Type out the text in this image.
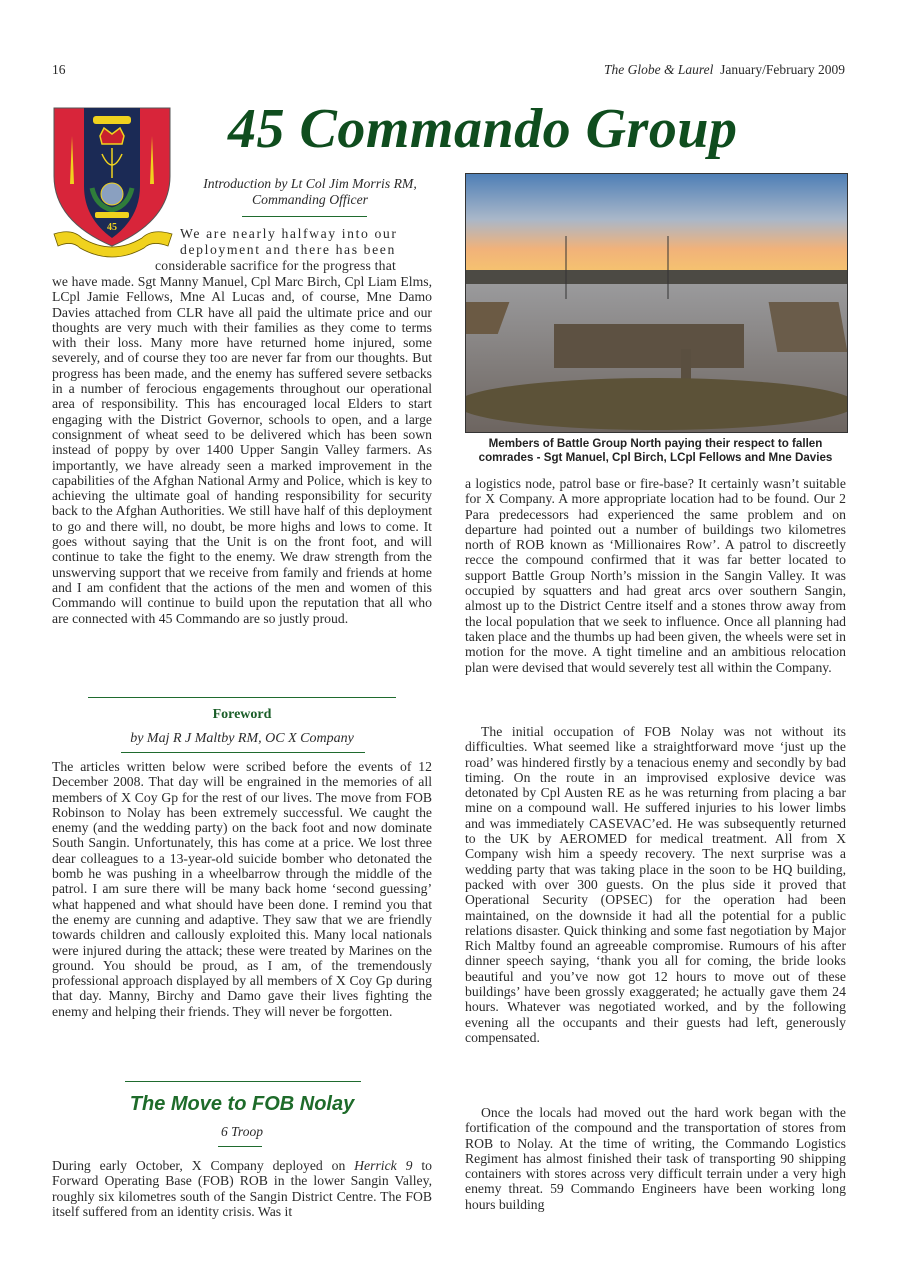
16	The Globe & Laurel January/February 2009
45
45 Commando Group
Introduction by Lt Col Jim Morris RM,
Commanding Officer
We are nearly halfway into our
deployment and there has been
considerable sacrifice for the progress that
we have made. Sgt Manny Manuel, Cpl Marc Birch, Cpl Liam Elms, LCpl Jamie Fellows, Mne Al Lucas and, of course, Mne Damo Davies attached from CLR have all paid the ultimate price and our thoughts are very much with their families as they come to terms with their loss. Many more have returned home injured, some severely, and of course they too are never far from our thoughts. But progress has been made, and the enemy has suffered severe setbacks in a number of ferocious engagements throughout our operational area of responsibility. This has encouraged local Elders to start engaging with the District Governor, schools to open, and a large consignment of wheat seed to be delivered which has been sown instead of poppy by over 1400 Upper Sangin Valley farmers. As importantly, we have already seen a marked improvement in the capabilities of the Afghan National Army and Police, which is key to achieving the ultimate goal of handing responsibility for security back to the Afghan Authorities. We still have half of this deployment to go and there will, no doubt, be more highs and lows to come. It goes without saying that the Unit is on the front foot, and will continue to take the fight to the enemy. We draw strength from the unswerving support that we receive from family and friends at home and I am confident that the actions of the men and women of this Commando will continue to build upon the reputation that all who are connected with 45 Commando are so justly proud.
Foreword
by Maj R J Maltby RM, OC X Company
The articles written below were scribed before the events of 12 December 2008. That day will be engrained in the memories of all members of X Coy Gp for the rest of our lives. The move from FOB Robinson to Nolay has been extremely successful. We caught the enemy (and the wedding party) on the back foot and now dominate South Sangin. Unfortunately, this has come at a price. We lost three dear colleagues to a 13-year-old suicide bomber who detonated the bomb he was pushing in a wheelbarrow through the middle of the patrol. I am sure there will be many back home ‘second guessing’ what happened and what should have been done. I remind you that the enemy are cunning and adaptive. They saw that we are friendly towards children and callously exploited this. Many local nationals were injured during the attack; these were treated by Marines on the ground. You should be proud, as I am, of the tremendously professional approach displayed by all members of X Coy Gp during that day. Manny, Birchy and Damo gave their lives fighting the enemy and helping their friends. They will never be forgotten.
The Move to FOB Nolay
6 Troop
During early October, X Company deployed on Herrick 9 to Forward Operating Base (FOB) ROB in the lower Sangin Valley, roughly six kilometres south of the Sangin District Centre. The FOB itself suffered from an identity crisis. Was it
Members of Battle Group North paying their respect to fallen
comrades - Sgt Manuel, Cpl Birch, LCpl Fellows and Mne Davies
a logistics node, patrol base or fire-base? It certainly wasn’t suitable for X Company. A more appropriate location had to be found. Our 2 Para predecessors had experienced the same problem and on departure had pointed out a number of buildings two kilometres north of ROB known as ‘Millionaires Row’. A patrol to discreetly recce the compound confirmed that it was far better located to support Battle Group North’s mission in the Sangin Valley. It was occupied by squatters and had great arcs over southern Sangin, almost up to the District Centre itself and a stones throw away from the local population that we seek to influence. Once all planning had taken place and the thumbs up had been given, the wheels were set in motion for the move. A tight timeline and an ambitious relocation plan were devised that would severely test all within the Company.
The initial occupation of FOB Nolay was not without its difficulties. What seemed like a straightforward move ‘just up the road’ was hindered firstly by a tenacious enemy and secondly by bad timing. On the route in an improvised explosive device was detonated by Cpl Austen RE as he was returning from placing a bar mine on a compound wall. He suffered injuries to his lower limbs and was immediately CASEVAC’ed. He was subsequently returned to the UK by AEROMED for medical treatment. All from X Company wish him a speedy recovery. The next surprise was a wedding party that was taking place in the soon to be HQ building, packed with over 300 guests. On the plus side it proved that Operational Security (OPSEC) for the operation had been maintained, on the downside it had all the potential for a public relations disaster. Quick thinking and some fast negotiation by Major Rich Maltby found an agreeable compromise. Rumours of his after dinner speech saying, ‘thank you all for coming, the bride looks beautiful and you’ve now got 12 hours to move out of these buildings’ have been grossly exaggerated; he actually gave them 24 hours. Whatever was negotiated worked, and by the following evening all the occupants and their guests had left, generously compensated.
Once the locals had moved out the hard work began with the fortification of the compound and the transportation of stores from ROB to Nolay. At the time of writing, the Commando Logistics Regiment has almost finished their task of transporting 90 shipping containers with stores across very difficult terrain under a very high enemy threat. 59 Commando Engineers have been working long hours building
